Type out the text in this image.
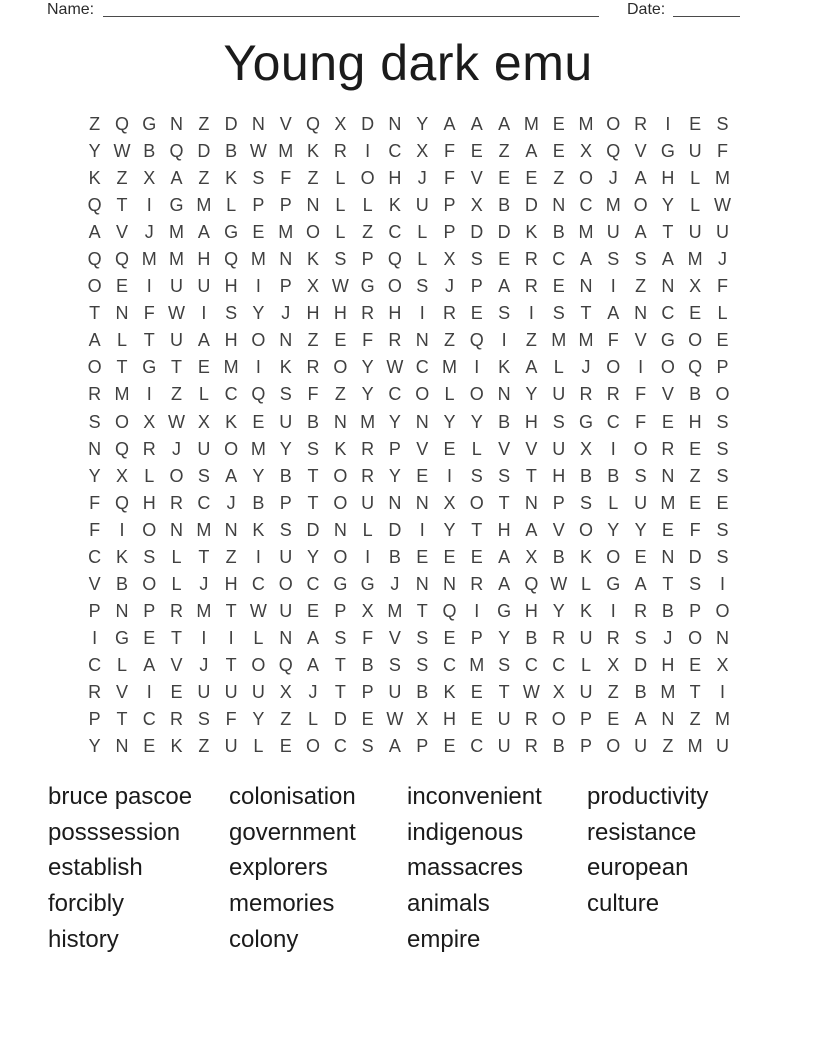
Name:	Date:
Young dark emu
Z Q G N Z D N V Q X D N Y A A A M E M O R	I	E S
Y W B Q D B W M K R	I	C X F E Z A E X Q V G U F
K Z X A Z K S F Z L O H J F V E E Z O J A H L M
Q T	I G M L P P N L L K U P X B D N C M O Y L W
A V J M A G E M O L Z C L P D D K B M U A T U U
Q Q M M H Q M N K S P Q L X S E R C A S S A M J
O E	I	U U H	I	P X W G O S J P A R E N	I	Z N X F
T N F W I	S Y J H H R H	I	R E S	I	S T A N C E L
A L T U A H O N Z E F R N Z Q I	Z M M F V G O E
O T G T E M I	K R O Y W C M I	K A L J O I O Q P
R M I	Z L C Q S F Z Y C O L O N Y U R R F V B O
S O X W X K E U B N M Y N Y Y B H S G C F E H S
N Q R J U O M Y S K R P V E L V V U X	I O R E S
Y X L O S A Y B T O R Y E	I	S S T H B B S N Z S
F Q H R C J B P T O U N N X O T N P S L U M E E
F	I O N M N K S D N L D	I	Y T H A V O Y Y E F S
C K S L T Z	I	U Y O I	B E E E A X B K O E N D S
V B O L J H C O C G G J N N R A Q W L G A T S	I
P N P R M T W U E P X M T Q I G H Y K	I	R B P O
I G E T	I	I	L N A S F V S E P Y B R U R S J O N
C L A V J T O Q A T B S S C M S C C L X D H E X
R V	I	E U U U X J T P U B K E T W X U Z B M T	I
P T C R S F Y Z L D E W X H E U R O P E A N Z M
Y N E K Z U L E O C S A P E C U R B P O U Z M U
bruce pascoe
posssession
establish
forcibly
history
colonisation
government
explorers
memories
colony
inconvenient
indigenous
massacres
animals
empire
productivity
resistance
european
culture
